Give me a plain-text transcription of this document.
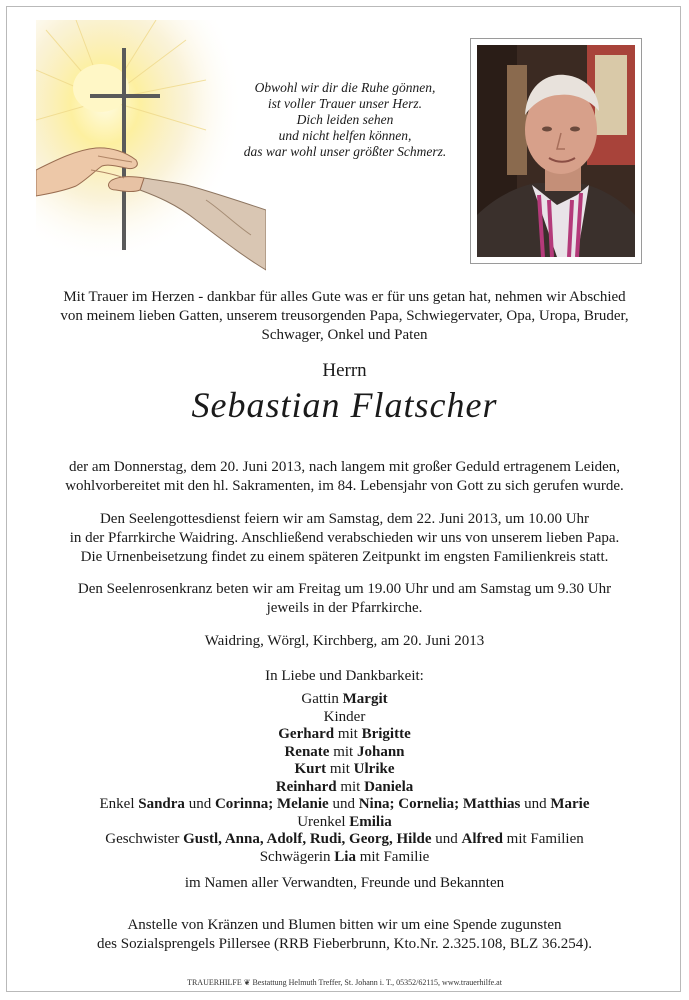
Obwohl wir dir die Ruhe gönnen,
ist voller Trauer unser Herz.
Dich leiden sehen
und nicht helfen können,
das war wohl unser größter Schmerz.
Mit Trauer im Herzen - dankbar für alles Gute was er für uns getan hat, nehmen wir Abschied
von meinem lieben Gatten, unserem treusorgenden Papa, Schwiegervater, Opa, Uropa, Bruder,
Schwager, Onkel und Paten
Herrn
Sebastian Flatscher
der am Donnerstag, dem 20. Juni 2013, nach langem mit großer Geduld ertragenem Leiden,
wohlvorbereitet mit den hl. Sakramenten, im 84. Lebensjahr von Gott zu sich gerufen wurde.
Den Seelengottesdienst feiern wir am Samstag, dem 22. Juni 2013, um 10.00 Uhr
in der Pfarrkirche Waidring. Anschließend verabschieden wir uns von unserem lieben Papa.
Die Urnenbeisetzung findet zu einem späteren Zeitpunkt im engsten Familienkreis statt.
Den Seelenrosenkranz beten wir am Freitag um 19.00 Uhr und am Samstag um 9.30 Uhr
jeweils in der Pfarrkirche.
Waidring, Wörgl, Kirchberg, am 20. Juni 2013
In Liebe und Dankbarkeit:
Gattin Margit
Kinder
Gerhard mit Brigitte
Renate mit Johann
Kurt mit Ulrike
Reinhard mit Daniela
Enkel Sandra und Corinna; Melanie und Nina; Cornelia; Matthias und Marie
Urenkel Emilia
Geschwister Gustl, Anna, Adolf, Rudi, Georg, Hilde und Alfred mit Familien
Schwägerin Lia mit Familie
im Namen aller Verwandten, Freunde und Bekannten
Anstelle von Kränzen und Blumen bitten wir um eine Spende zugunsten
des Sozialsprengels Pillersee (RRB Fieberbrunn, Kto.Nr. 2.325.108, BLZ 36.254).
TRAUERHILFE ❦ Bestattung Helmuth Treffer, St. Johann i. T., 05352/62115, www.trauerhilfe.at
